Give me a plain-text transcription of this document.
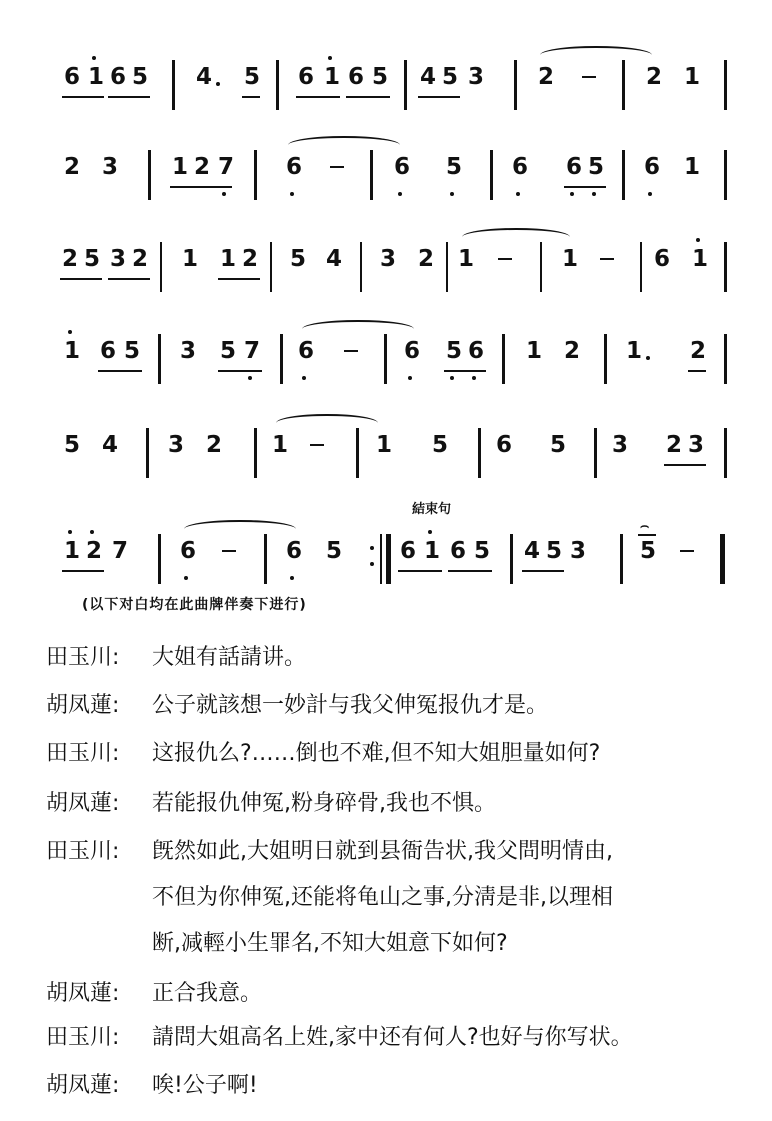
6 1 6 5 4 5 6 1 6 5 4 5 3 2	2 1
2 3 1 2 7 6	6 5 6 6 5 6 1
2 5 3 2 1 1 2 5 4 3 2 1	1	6 1
1 6 5 3 5 7 6	6 5 6 1 2 1 2
5 4 3 2 1	1 5 6 5 3 2 3
結束句
1 2 7 6	6 5	6 1 6 5 4 5 3 5
⌢
(以下对白均在此曲牌伴奏下进行)
田玉川: 大姐有話請讲。
胡凤蓮: 公子就該想一妙計与我父伸冤报仇才是。
田玉川: 这报仇么?……倒也不难,但不知大姐胆量如何?
胡凤蓮: 若能报仇伸冤,粉身碎骨,我也不惧。
田玉川: 旣然如此,大姐明日就到县衙告状,我父問明情由,
不但为你伸冤,还能将龟山之事,分淸是非,以理相
断,减輕小生罪名,不知大姐意下如何?
胡凤蓮: 正合我意。
田玉川: 請問大姐高名上姓,家中还有何人?也好与你写状。
胡凤蓮: 唉!公子啊!
